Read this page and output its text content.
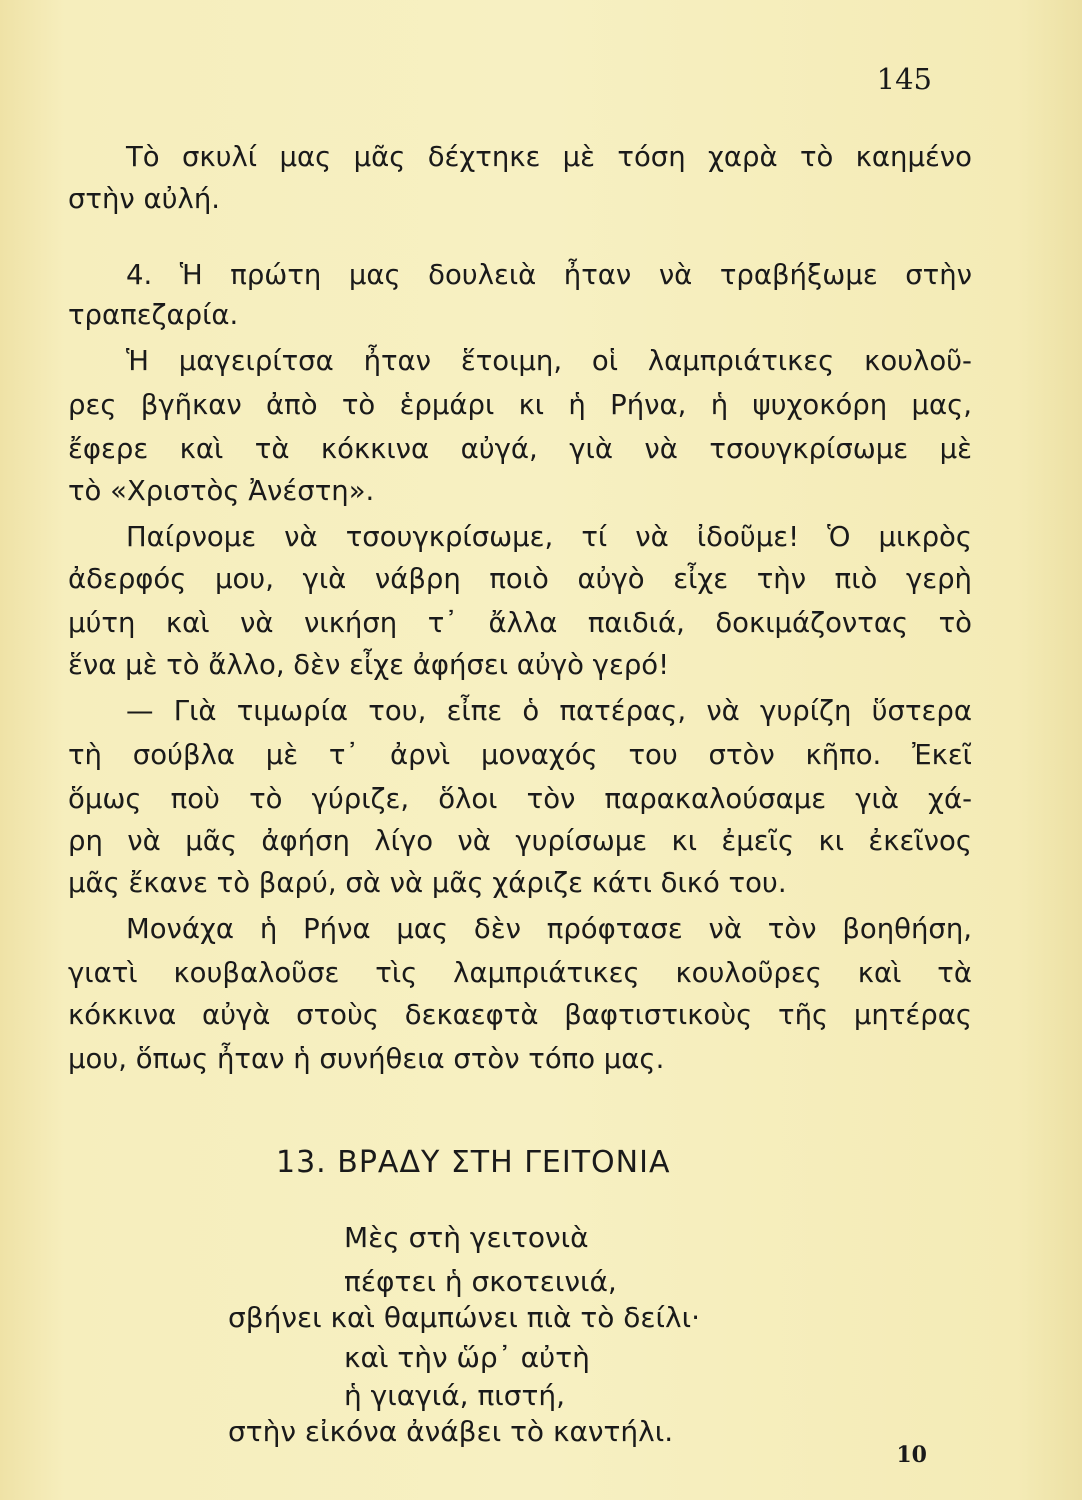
145
Τὸ σκυλί μας μᾶς δέχτηκε μὲ τόση χαρὰ τὸ καημένο
στὴν αὐλή.
4. Ἡ πρώτη μας δουλειὰ ἦταν νὰ τραβήξωμε στὴν
τραπεζαρία.
Ἡ μαγειρίτσα ἦταν ἕτοιμη, οἱ λαμπριάτικες κουλοῦ-
ρες βγῆκαν ἀπὸ τὸ ἑρμάρι κι ἡ Ρήνα, ἡ ψυχοκόρη μας,
ἔφερε καὶ τὰ κόκκινα αὐγά, γιὰ νὰ τσουγκρίσωμε μὲ
τὸ «Χριστὸς Ἀνέστη».
Παίρνομε νὰ τσουγκρίσωμε, τί νὰ ἰδοῦμε! Ὁ μικρὸς
ἀδερφός μου, γιὰ νάβρη ποιὸ αὐγὸ εἶχε τὴν πιὸ γερὴ
μύτη καὶ νὰ νικήση τ᾿ ἄλλα παιδιά, δοκιμάζοντας τὸ
ἕνα μὲ τὸ ἄλλο, δὲν εἶχε ἀφήσει αὐγὸ γερό!
— Γιὰ τιμωρία του, εἶπε ὁ πατέρας, νὰ γυρίζη ὕστερα
τὴ σούβλα μὲ τ᾿ ἀρνὶ μοναχός του στὸν κῆπο. Ἐκεῖ
ὅμως ποὺ τὸ γύριζε, ὅλοι τὸν παρακαλούσαμε γιὰ χά-
ρη νὰ μᾶς ἀφήση λίγο νὰ γυρίσωμε κι ἐμεῖς κι ἐκεῖνος
μᾶς ἔκανε τὸ βαρύ, σὰ νὰ μᾶς χάριζε κάτι δικό του.
Μονάχα ἡ Ρήνα μας δὲν πρόφτασε νὰ τὸν βοηθήση,
γιατὶ κουβαλοῦσε τὶς λαμπριάτικες κουλοῦρες καὶ τὰ
κόκκινα αὐγὰ στοὺς δεκαεφτὰ βαφτιστικοὺς τῆς μητέρας
μου, ὅπως ἦταν ἡ συνήθεια στὸν τόπο μας.
13. ΒΡΑΔΥ ΣΤΗ ΓΕΙΤΟΝΙΑ
Μὲς στὴ γειτονιὰ
πέφτει ἡ σκοτεινιά,
σβήνει καὶ θαμπώνει πιὰ τὸ δείλι·
καὶ τὴν ὥρ᾿ αὐτὴ
ἡ γιαγιά, πιστή,
στὴν εἰκόνα ἀνάβει τὸ καντήλι.
10
